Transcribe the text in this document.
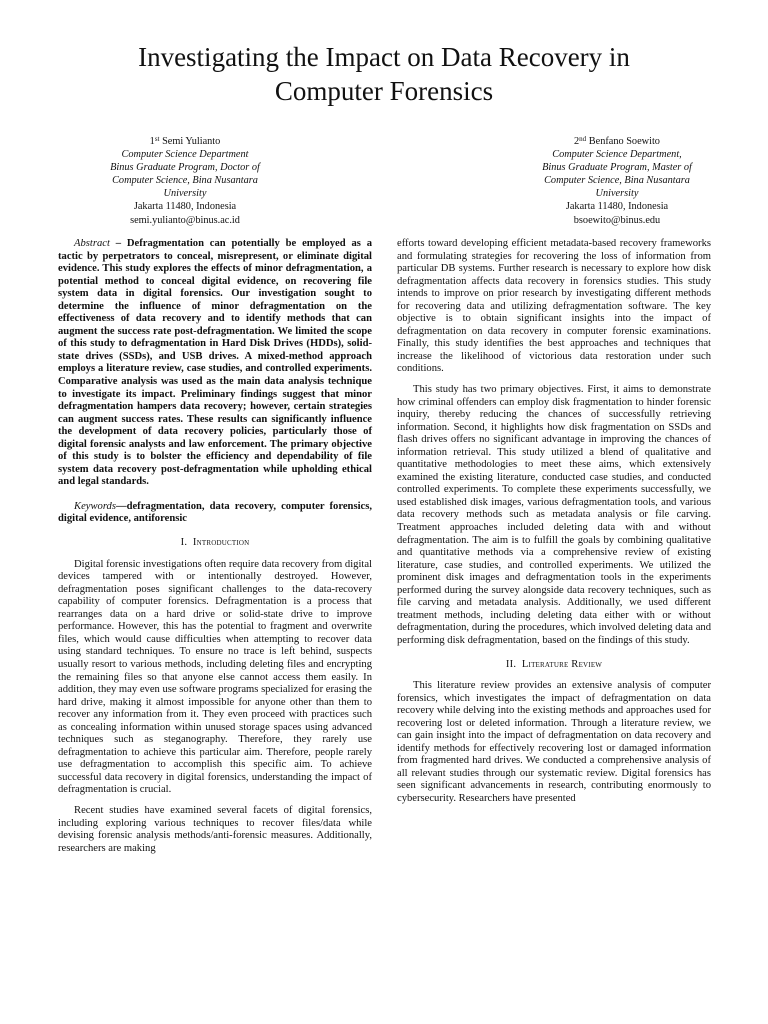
Investigating the Impact on Data Recovery in
Computer Forensics
1st Semi Yulianto
Computer Science Department
Binus Graduate Program, Doctor of
Computer Science, Bina Nusantara
University
Jakarta 11480, Indonesia
semi.yulianto@binus.ac.id
2nd Benfano Soewito
Computer Science Department,
Binus Graduate Program, Master of
Computer Science, Bina Nusantara
University
Jakarta 11480, Indonesia
bsoewito@binus.edu

Abstract – Defragmentation can potentially be employed as a tactic by perpetrators to conceal, misrepresent, or eliminate digital evidence. This study explores the effects of minor defragmentation, a potential method to conceal digital evidence, on recovering file system data in digital forensics. Our investigation sought to determine the influence of minor defragmentation on the effectiveness of data recovery and to identify methods that can augment the success rate post-defragmentation. We limited the scope of this study to defragmentation in Hard Disk Drives (HDDs), solid-state drives (SSDs), and USB drives. A mixed-method approach employs a literature review, case studies, and controlled experiments. Comparative analysis was used as the main data analysis technique to investigate its impact. Preliminary findings suggest that minor defragmentation hampers data recovery; however, certain strategies can augment success rates. These results can significantly influence the development of data recovery policies, particularly those of digital forensic analysts and law enforcement. The primary objective of this study is to bolster the efficiency and dependability of file system data recovery post-defragmentation while upholding ethical and legal standards.

Keywords—defragmentation, data recovery, computer forensics, digital evidence, antiforensic

I. Introduction

Digital forensic investigations often require data recovery from digital devices tampered with or intentionally destroyed. However, defragmentation poses significant challenges to the data-recovery capability of computer forensics. Defragmentation is a process that rearranges data on a hard drive or solid-state drive to improve performance. However, this has the potential to fragment and overwrite files, which would cause difficulties when attempting to recover data using standard techniques. To ensure no trace is left behind, suspects usually resort to various methods, including deleting files and encrypting the remaining files so that anyone else cannot access them easily. In addition, they may even use software programs specialized for erasing the hard drive, making it almost impossible for anyone other than them to recover any information from it. They even proceed with practices such as concealing information within unused storage spaces using advanced techniques such as steganography. Therefore, they rarely use defragmentation to achieve this particular aim. Therefore, people rarely use defragmentation to accomplish this specific aim. To achieve successful data recovery in digital forensics, understanding the impact of defragmentation is crucial.

Recent studies have examined several facets of digital forensics, including exploring various techniques to recover files/data while devising forensic analysis methods/anti-forensic measures. Additionally, researchers are making

efforts toward developing efficient metadata-based recovery frameworks and formulating strategies for recovering the loss of information from particular DB systems. Further research is necessary to explore how disk defragmentation affects data recovery in forensics studies. This study intends to improve on prior research by investigating different methods for recovering data and utilizing defragmentation software. The key objective is to obtain significant insights into the impact of defragmentation on data recovery in computer forensic examinations. Finally, this study identifies the best approaches and techniques that increase the likelihood of victorious data restoration under such conditions.

This study has two primary objectives. First, it aims to demonstrate how criminal offenders can employ disk fragmentation to hinder forensic inquiry, thereby reducing the chances of successfully retrieving information. Second, it highlights how disk fragmentation on SSDs and flash drives offers no significant advantage in improving the chances of information retrieval. This study utilized a blend of qualitative and quantitative methodologies to meet these aims, which extensively examined the existing literature, conducted case studies, and conducted controlled experiments. To complete these experiments successfully, we used established disk images, various defragmentation tools, and various data recovery methods such as metadata analysis or file carving. Treatment approaches included deleting data with and without defragmentation. The aim is to fulfill the goals by combining qualitative and quantitative methods via a comprehensive review of existing literature, case studies, and controlled experiments. We utilized the prominent disk images and defragmentation tools in the experiments performed during the survey alongside data recovery techniques, such as file carving and metadata analysis. Additionally, we used different treatment methods, including deleting data either with or without defragmentation, during the procedures, which involved deleting data and performing disk defragmentation, based on the findings of this study.

II. Literature Review

This literature review provides an extensive analysis of computer forensics, which investigates the impact of defragmentation on data recovery while delving into the existing methods and approaches used for recovering lost or deleted information. Through a literature review, we can gain insight into the impact of defragmentation on data recovery and identify methods for effectively recovering lost or damaged information from fragmented hard drives. We conducted a comprehensive analysis of all relevant studies through our systematic review. Digital forensics has seen significant advancements in research, contributing enormously to cybersecurity. Researchers have presented
